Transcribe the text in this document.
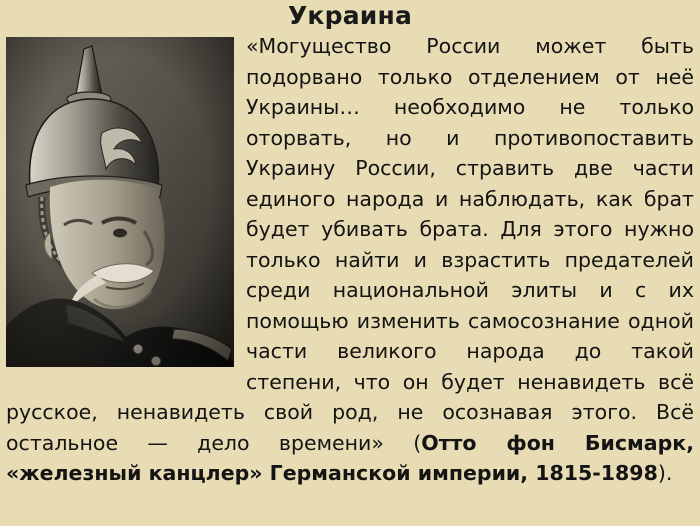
Украина
«Могущество России может быть подорвано только отделением от неё Украины… необходимо не только оторвать, но и противопоставить Украину России, стравить две части единого народа и наблюдать, как брат будет убивать брата. Для этого нужно только найти и взрастить предателей среди национальной элиты и с их помощью изменить самосознание одной части великого народа до такой степени, что он будет ненавидеть всё русское, ненавидеть свой род, не осознавая этого. Всё остальное — дело времени» (Отто фон Бисмарк, «железный канцлер» Германской империи, 1815-1898).
